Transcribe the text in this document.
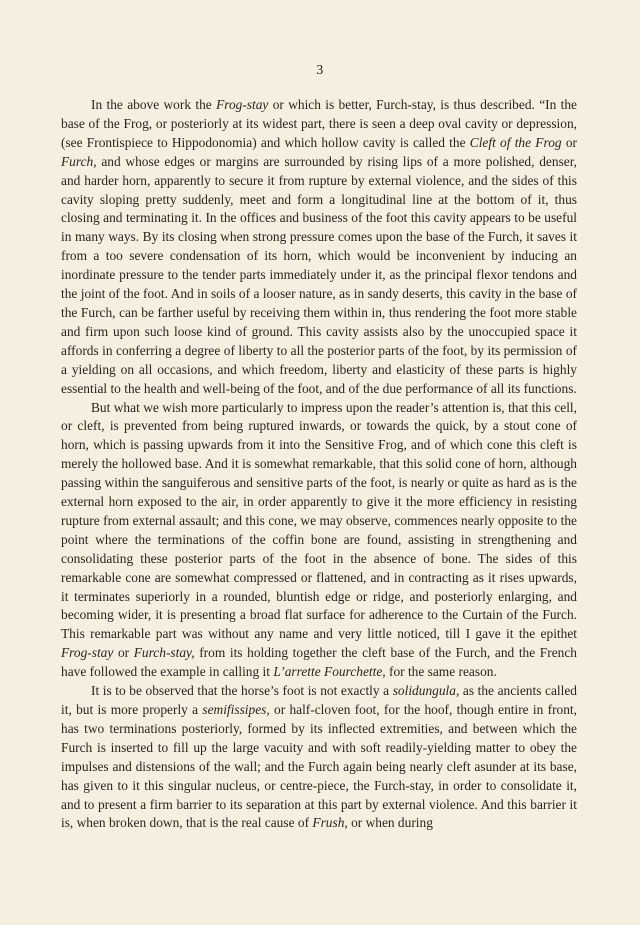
3

In the above work the Frog-stay or which is better, Furch-stay, is thus described. “In the base of the Frog, or posteriorly at its widest part, there is seen a deep oval cavity or depression, (see Frontispiece to Hippodonomia) and which hollow cavity is called the Cleft of the Frog or Furch, and whose edges or margins are surrounded by rising lips of a more polished, denser, and harder horn, apparently to secure it from rupture by external violence, and the sides of this cavity sloping pretty suddenly, meet and form a longitudinal line at the bottom of it, thus closing and terminating it. In the offices and business of the foot this cavity appears to be useful in many ways. By its closing when strong pressure comes upon the base of the Furch, it saves it from a too severe condensation of its horn, which would be inconvenient by inducing an inordinate pressure to the tender parts immediately under it, as the principal flexor tendons and the joint of the foot. And in soils of a looser nature, as in sandy deserts, this cavity in the base of the Furch, can be farther useful by receiving them within in, thus rendering the foot more stable and firm upon such loose kind of ground. This cavity assists also by the unoccupied space it affords in conferring a degree of liberty to all the posterior parts of the foot, by its permission of a yielding on all occasions, and which freedom, liberty and elasticity of these parts is highly essential to the health and well-being of the foot, and of the due performance of all its functions.

But what we wish more particularly to impress upon the reader’s attention is, that this cell, or cleft, is prevented from being ruptured inwards, or towards the quick, by a stout cone of horn, which is passing upwards from it into the Sensitive Frog, and of which cone this cleft is merely the hollowed base. And it is somewhat remarkable, that this solid cone of horn, although passing within the sanguiferous and sensitive parts of the foot, is nearly or quite as hard as is the external horn exposed to the air, in order apparently to give it the more efficiency in resisting rupture from external assault; and this cone, we may observe, commences nearly opposite to the point where the terminations of the coffin bone are found, assisting in strengthening and consolidating these posterior parts of the foot in the absence of bone. The sides of this remarkable cone are somewhat compressed or flattened, and in contracting as it rises upwards, it terminates superiorly in a rounded, bluntish edge or ridge, and posteriorly enlarging, and becoming wider, it is presenting a broad flat surface for adherence to the Curtain of the Furch. This remarkable part was without any name and very little noticed, till I gave it the epithet Frog-stay or Furch-stay, from its holding together the cleft base of the Furch, and the French have followed the example in calling it L’arrette Fourchette, for the same reason.

It is to be observed that the horse’s foot is not exactly a solidungula, as the ancients called it, but is more properly a semifissipes, or half-cloven foot, for the hoof, though entire in front, has two terminations posteriorly, formed by its inflected extremities, and between which the Furch is inserted to fill up the large vacuity and with soft readily-yielding matter to obey the impulses and distensions of the wall; and the Furch again being nearly cleft asunder at its base, has given to it this singular nucleus, or centre-piece, the Furch-stay, in order to consolidate it, and to present a firm barrier to its separation at this part by external violence. And this barrier it is, when broken down, that is the real cause of Frush, or when during
